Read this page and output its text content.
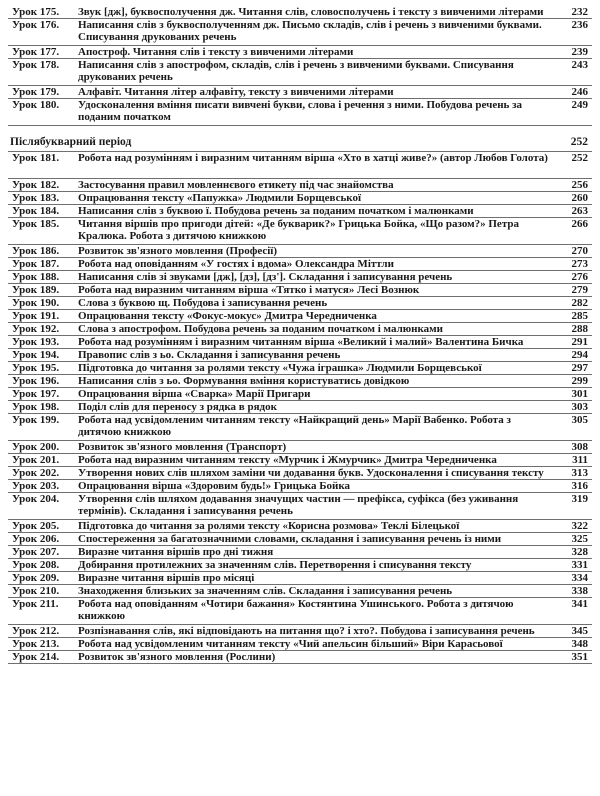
Урок 175.	Звук [дж], буквосполучення дж. Читання слів, словосполучень і тексту з вивченими літерами	232
Урок 176.	Написання слів з буквосполученням дж. Письмо складів, слів і речень з вивченими буквами. Списування друкованих речень	236
Урок 177.	Апостроф. Читання слів і тексту з вивченими літерами	239
Урок 178.	Написання слів з апострофом, складів, слів і речень з вивченими буквами. Списування друкованих речень	243
Урок 179.	Алфавіт. Читання літер алфавіту, тексту з вивченими літерами	246
Урок 180.	Удосконалення вміння писати вивчені букви, слова і речення з ними. Побудова речень за поданим початком	249
Післябукварний період		252
Урок 181.	Робота над розумінням і виразним читанням вірша «Хто в хатці живе?» (автор Любов Голота)	252
Урок 182.	Застосування правил мовленнєвого етикету під час знайомства	256
Урок 183.	Опрацювання тексту «Папужка» Людмили Борщевської	260
Урок 184.	Написання слів з буквою ї. Побудова речень за поданим початком і малюнками	263
Урок 185.	Читання віршів про пригоди дітей: «Де букварик?» Грицька Бойка, «Що разом?» Петра Кралюка. Робота з дитячою книжкою	266
Урок 186.	Розвиток зв'язного мовлення (Професії)	270
Урок 187.	Робота над оповіданням «У гостях і вдома» Олександра Міттли	273
Урок 188.	Написання слів зі звуками [дж], [дз], [дз']. Складання і записування речень	276
Урок 189.	Робота над виразним читанням вірша «Тятко і матуся» Лесі Вознюк	279
Урок 190.	Слова з буквою щ. Побудова і записування речень	282
Урок 191.	Опрацювання тексту «Фокус-мокус» Дмитра Чередниченка	285
Урок 192.	Слова з апострофом. Побудова речень за поданим початком і малюнками	288
Урок 193.	Робота над розумінням і виразним читанням вірша «Великий і малий» Валентина Бичка	291
Урок 194.	Правопис слів з ьо. Складання і записування речень	294
Урок 195.	Підготовка до читання за ролями тексту «Чужа іграшка» Людмили Борщевської	297
Урок 196.	Написання слів з ьо. Формування вміння користуватись довідкою	299
Урок 197.	Опрацювання вірша «Сварка» Марії Пригари	301
Урок 198.	Поділ слів для переносу з рядка в рядок	303
Урок 199.	Робота над усвідомленим читанням тексту «Найкращий день» Марії Вабенко. Робота з дитячою книжкою	305
Урок 200.	Розвиток зв'язного мовлення (Транспорт)	308
Урок 201.	Робота над виразним читанням тексту «Мурчик і Жмурчик» Дмитра Чередниченка	311
Урок 202.	Утворення нових слів шляхом заміни чи додавання букв. Удосконалення і списування тексту	313
Урок 203.	Опрацювання вірша «Здоровим будь!» Грицька Бойка	316
Урок 204.	Утворення слів шляхом додавання значущих частин — префікса, суфікса (без уживання термінів). Складання і записування речень	319
Урок 205.	Підготовка до читання за ролями тексту «Корисна розмова» Теклі Білецької	322
Урок 206.	Спостереження за багатозначними словами, складання і записування речень із ними	325
Урок 207.	Виразне читання віршів про дні тижня	328
Урок 208.	Добирання протилежних за значенням слів. Перетворення і списування тексту	331
Урок 209.	Виразне читання віршів про місяці	334
Урок 210.	Знаходження близьких за значенням слів. Складання і записування речень	338
Урок 211.	Робота над оповіданням «Чотири бажання» Костянтина Ушинського. Робота з дитячою книжкою	341
Урок 212.	Розпізнавання слів, які відповідають на питання що? і хто?. Побудова і записування речень	345
Урок 213.	Робота над усвідомленим читанням тексту «Чий апельсин більший» Віри Карасьової	348
Урок 214.	Розвиток зв'язного мовлення (Рослини)	351
